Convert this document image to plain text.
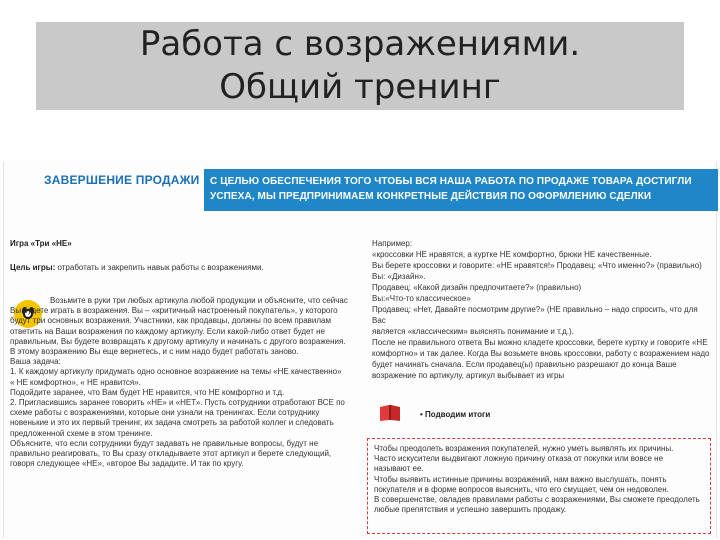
Работа с возражениями. Общий тренинг
ЗАВЕРШЕНИЕ ПРОДАЖИ	С ЦЕЛЬЮ ОБЕСПЕЧЕНИЯ ТОГО ЧТОБЫ ВСЯ НАША РАБОТА ПО ПРОДАЖЕ ТОВАРА ДОСТИГЛИ УСПЕХА, МЫ ПРЕДПРИНИМАЕМ КОНКРЕТНЫЕ ДЕЙСТВИЯ ПО ОФОРМЛЕНИЮ СДЕЛКИ
Игра «Три «НЕ»
Цель игры: отработать и закрепить навык работы с возражениями.

Возьмите в руки три любых артикула любой продукции и объясните, что сейчас

Вы будете играть в возражения. Вы – «критичный настроенный покупатель», у которого

будут три основных возражения. Участники, как продавцы, должны по всем правилам

ответить на Ваши возражения по каждому артикулу. Если какой-либо ответ будет не

правильным, Вы будете возвращать к другому артикулу и начинать с другого возражения.

В этому возражению Вы еще вернетесь, и с ним надо будет работать заново.

Ваша задача:

1. К каждому артикулу придумать одно основное возражение на темы «НЕ качественно»

« НЕ комфортно», « НЕ нравится».

Подойдите заранее, что Вам будет НЕ нравится, что НЕ комфортно и т.д.

2. Пригласившись заранее говорить «НЕ» и «НЕТ». Пусть сотрудники отработают ВСЕ по

схеме работы с возражениями, которые они узнали на тренингах. Если сотруднику

новенькие и это их первый тренинг, их задача смотреть за работой коллег и следовать

предложенной схеме в этом тренинге.

Объясните, что если сотрудники будут задавать не правильные вопросы, будут не

правильно реагировать, то Вы сразу откладываете этот артикул и берете следующий,

говоря следующее «НЕ», «второе Вы зададите. И так по кругу.

Например:

«кроссовки НЕ нравятся, а куртке НЕ комфортно, брюки НЕ качественные.

Вы берете кроссовки и говорите: «НЕ нравятся!» Продавец: «Что именно?» (правильно)

Вы: «Дизайн».

Продавец: «Какой дизайн предпочитаете?» (правильно)

Вы:«Что-то классическое»

Продавец: «Нет, Давайте посмотрим другие?» (НЕ правильно – надо спросить, что для Вас

является «классическим» выяснять понимание и т.д.).

После не правильного ответа Вы можно кладете кроссовки, берете куртку и говорите «НЕ

комфортно» и так далее. Когда Вы возьмете вновь кроссовки, работу с возражением надо

будет начинать сначала. Если продавец(ы) правильно разрешают до конца Ваше

возражение по артикулу, артикул выбывает из игры

• Подводим итоги

Чтобы преодолеть возражения покупателей, нужно уметь выявлять их причины.

Часто искусители выдвигают ложную причину отказа от покупки или вовсе не

называют ее.

Чтобы выявить истинные причины возражений, нам важно выслушать, понять

покупателя и в форме вопросов выяснить, что его смущает, чем он недоволен.

В совершенстве, овладев правилами работы с возражениями, Вы сможете преодолеть

любые препятствия и успешно завершить продажу.
